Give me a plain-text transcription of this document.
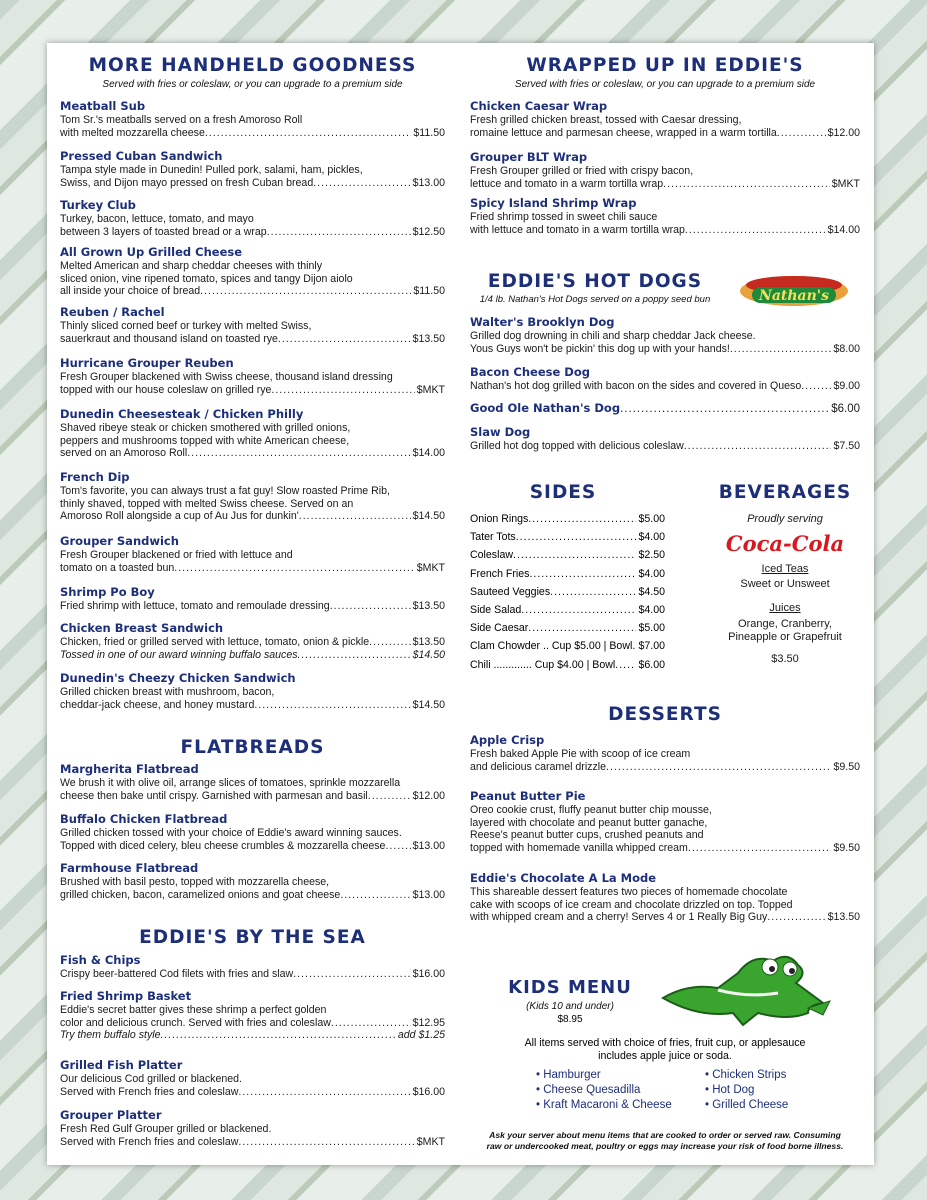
MORE HANDHELD GOODNESS
Served with fries or coleslaw, or you can upgrade to a premium side
Meatball Sub
Tom Sr.'s meatballs served on a fresh Amoroso Roll
with melted mozzarella cheese .....	$11.50
Pressed Cuban Sandwich
Tampa style made in Dunedin! Pulled pork, salami, ham, pickles,
Swiss, and Dijon mayo pressed on fresh Cuban bread .....	$13.00
Turkey Club
Turkey, bacon, lettuce, tomato, and mayo
between 3 layers of toasted bread or a wrap .....	$12.50
All Grown Up Grilled Cheese
Melted American and sharp cheddar cheeses with thinly
sliced onion, vine ripened tomato, spices and tangy Dijon aiolo
all inside your choice of bread .....	$11.50
Reuben / Rachel
Thinly sliced corned beef or turkey with melted Swiss,
sauerkraut and thousand island on toasted rye .....	$13.50
Hurricane Grouper Reuben
Fresh Grouper blackened with Swiss cheese, thousand island dressing
topped with our house coleslaw on grilled rye .....	$MKT
Dunedin Cheesesteak / Chicken Philly
Shaved ribeye steak or chicken smothered with grilled onions,
peppers and mushrooms topped with white American cheese,
served on an Amoroso Roll .....	$14.00
French Dip
Tom's favorite, you can always trust a fat guy! Slow roasted Prime Rib,
thinly shaved, topped with melted Swiss cheese. Served on an
Amoroso Roll alongside a cup of Au Jus for dunkin' .....	$14.50
Grouper Sandwich
Fresh Grouper blackened or fried with lettuce and
tomato on a toasted bun .....	$MKT
Shrimp Po Boy
Fried shrimp with lettuce, tomato and remoulade dressing .....	$13.50
Chicken Breast Sandwich
Chicken, fried or grilled served with lettuce, tomato, onion & pickle .....	$13.50
Tossed in one of our award winning buffalo sauces .....	$14.50
Dunedin's Cheezy Chicken Sandwich
Grilled chicken breast with mushroom, bacon,
cheddar-jack cheese, and honey mustard .....	$14.50
FLATBREADS
Margherita Flatbread
We brush it with olive oil, arrange slices of tomatoes, sprinkle mozzarella
cheese then bake until crispy. Garnished with parmesan and basil .....	$12.00
Buffalo Chicken Flatbread
Grilled chicken tossed with your choice of Eddie's award winning sauces.
Topped with diced celery, bleu cheese crumbles & mozzarella cheese .....	$13.00
Farmhouse Flatbread
Brushed with basil pesto, topped with mozzarella cheese,
grilled chicken, bacon, caramelized onions and goat cheese .....	$13.00
EDDIE'S BY THE SEA
Fish & Chips
Crispy beer-battered Cod filets with fries and slaw .....	$16.00
Fried Shrimp Basket
Eddie's secret batter gives these shrimp a perfect golden
color and delicious crunch. Served with fries and coleslaw .....	$12.95
Try them buffalo style .....	add $1.25
Grilled Fish Platter
Our delicious Cod grilled or blackened.
Served with French fries and coleslaw .....	$16.00
Grouper Platter
Fresh Red Gulf Grouper grilled or blackened.
Served with French fries and coleslaw .....	$MKT
WRAPPED UP IN EDDIE'S
Served with fries or coleslaw, or you can upgrade to a premium side
Chicken Caesar Wrap
Fresh grilled chicken breast, tossed with Caesar dressing,
romaine lettuce and parmesan cheese, wrapped in a warm tortilla .....	$12.00
Grouper BLT Wrap
Fresh Grouper grilled or fried with crispy bacon,
lettuce and tomato in a warm tortilla wrap .....	$MKT
Spicy Island Shrimp Wrap
Fried shrimp tossed in sweet chili sauce
with lettuce and tomato in a warm tortilla wrap .....	$14.00
EDDIE'S HOT DOGS
1/4 lb. Nathan's Hot Dogs served on a poppy seed bun	Nathan's
Walter's Brooklyn Dog
Grilled dog drowning in chili and sharp cheddar Jack cheese.
Yous Guys won't be pickin' this dog up with your hands! .....	$8.00
Bacon Cheese Dog
Nathan's hot dog grilled with bacon on the sides and covered in Queso .....	$9.00
Good Ole Nathan's Dog .....	$6.00
Slaw Dog
Grilled hot dog topped with delicious coleslaw .....	$7.50
SIDES
Onion Rings .....	$5.00
Tater Tots .....	$4.00
Coleslaw .....	$2.50
French Fries .....	$4.00
Sauteed Veggies .....	$4.50
Side Salad .....	$4.00
Side Caesar .....	$5.00
Clam Chowder .. Cup $5.00 | Bowl ..... $7.00
Chili ............. Cup $4.00 | Bowl ..... $6.00
BEVERAGES
Proudly serving
Coca-Cola
Iced Teas
Sweet or Unsweet
Juices
Orange, Cranberry,
Pineapple or Grapefruit
$3.50
DESSERTS
Apple Crisp
Fresh baked Apple Pie with scoop of ice cream
and delicious caramel drizzle .....	$9.50
Peanut Butter Pie
Oreo cookie crust, fluffy peanut butter chip mousse,
layered with chocolate and peanut butter ganache,
Reese's peanut butter cups, crushed peanuts and
topped with homemade vanilla whipped cream .....	$9.50
Eddie's Chocolate A La Mode
This shareable dessert features two pieces of homemade chocolate
cake with scoops of ice cream and chocolate drizzled on top. Topped
with whipped cream and a cherry! Serves 4 or 1 Really Big Guy .....	$13.50
KIDS MENU
(Kids 10 and under)
$8.95
All items served with choice of fries, fruit cup, or applesauce
includes apple juice or soda.
• Hamburger
• Cheese Quesadilla
• Kraft Macaroni & Cheese
• Chicken Strips
• Hot Dog
• Grilled Cheese
Ask your server about menu items that are cooked to order or served raw. Consuming
raw or undercooked meat, poultry or eggs may increase your risk of food borne illness.
